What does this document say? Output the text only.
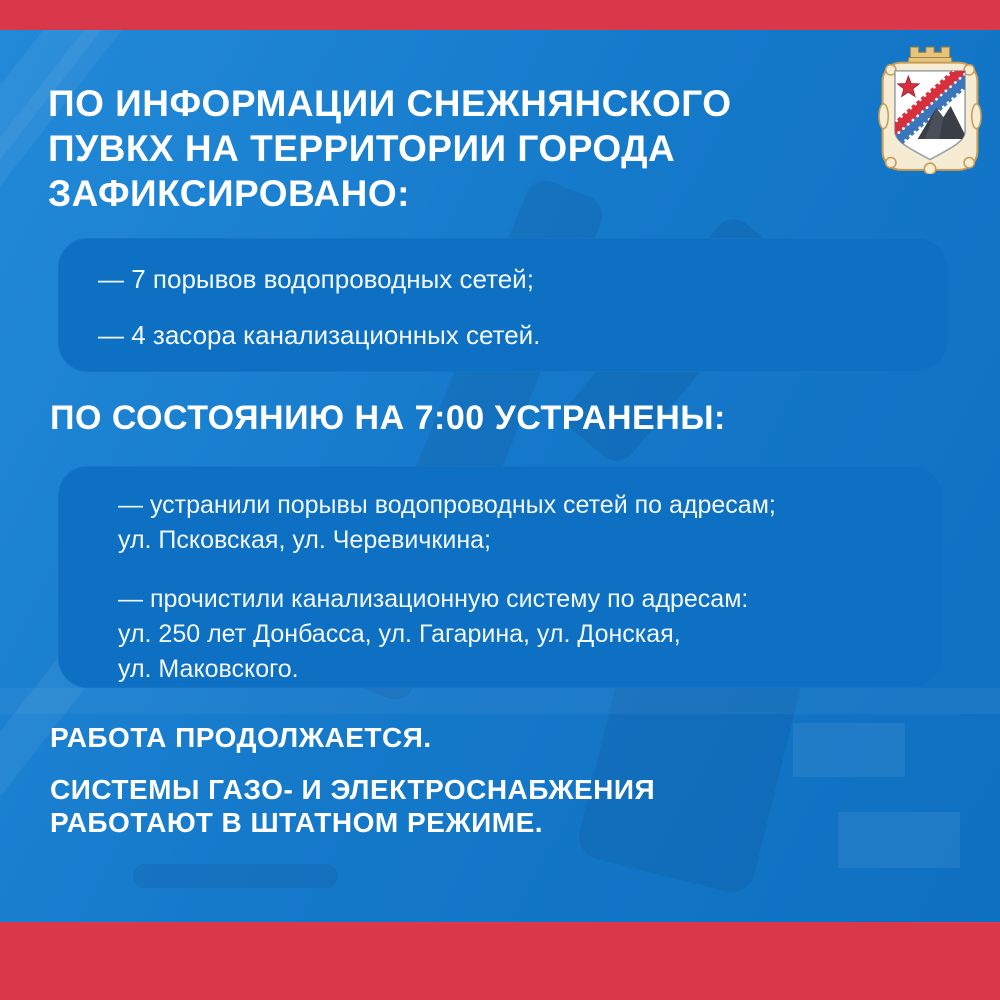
ПО ИНФОРМАЦИИ СНЕЖНЯНСКОГО
ПУВКХ НА ТЕРРИТОРИИ ГОРОДА
ЗАФИКСИРОВАНО:

— 7 порывов водопроводных сетей;

— 4 засора канализационных сетей.

ПО СОСТОЯНИЮ НА 7:00 УСТРАНЕНЫ:

— устранили порывы водопроводных сетей по адресам;
ул. Псковская, ул. Черевичкина;

— прочистили канализационную систему по адресам:
ул. 250 лет Донбасса, ул. Гагарина, ул. Донская,
ул. Маковского.

РАБОТА ПРОДОЛЖАЕТСЯ.
СИСТЕМЫ ГАЗО- И ЭЛЕКТРОСНАБЖЕНИЯ
РАБОТАЮТ В ШТАТНОМ РЕЖИМЕ.
